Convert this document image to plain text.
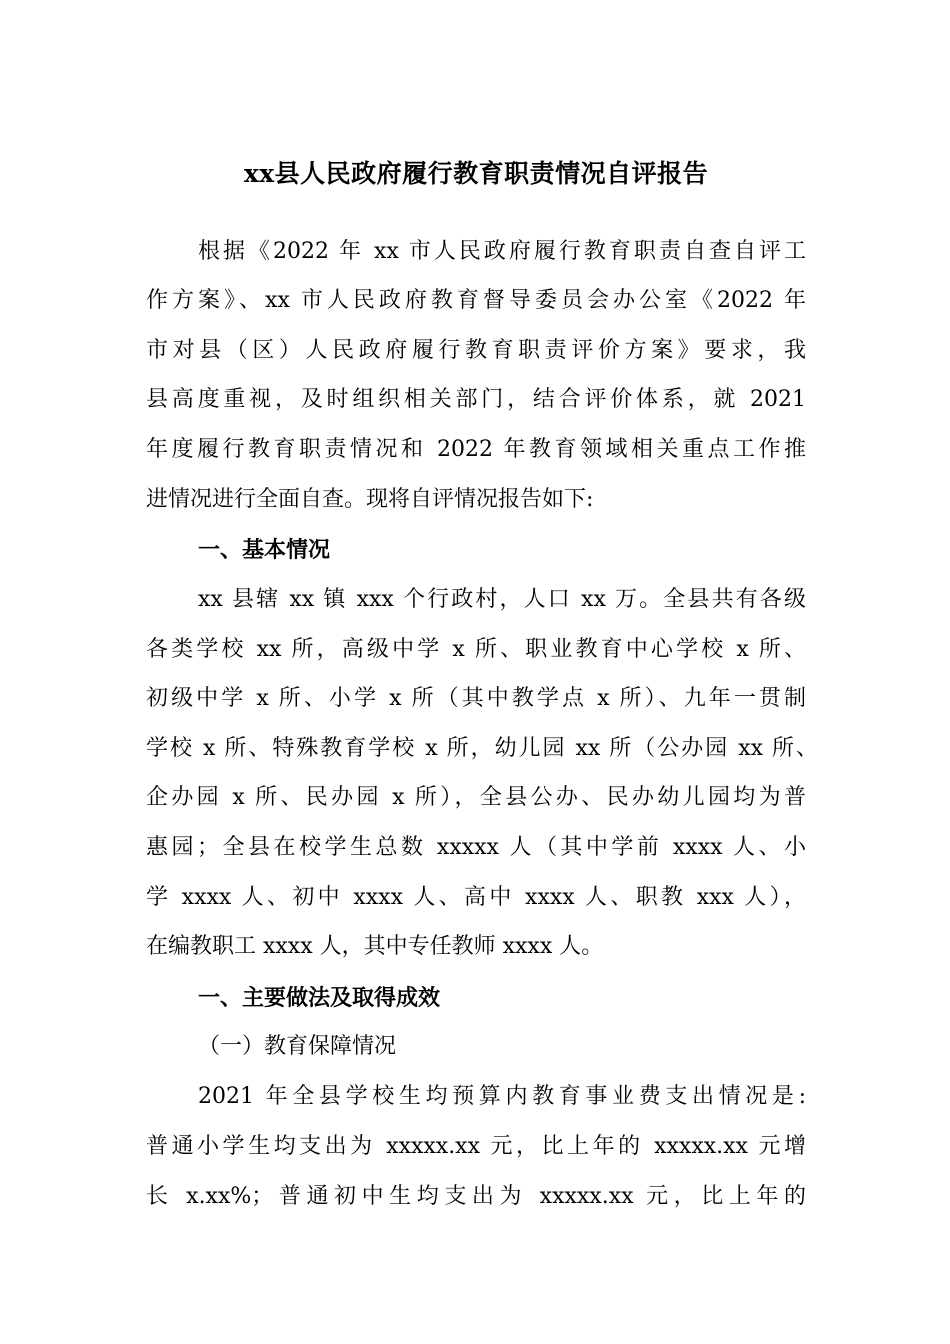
xx县人民政府履行教育职责情况自评报告
根据《2022 年 xx 市人民政府履行教育职责自查自评工
作方案》、xx 市人民政府教育督导委员会办公室《2022 年
市对县（区）人民政府履行教育职责评价方案》要求，我
县高度重视，及时组织相关部门，结合评价体系，就 2021
年度履行教育职责情况和 2022 年教育领域相关重点工作推
进情况进行全面自查。现将自评情况报告如下:
一、基本情况
xx 县辖 xx 镇 xxx 个行政村，人口 xx 万。全县共有各级
各类学校 xx 所，高级中学 x 所、职业教育中心学校 x 所、
初级中学 x 所、小学 x 所（其中教学点 x 所）、九年一贯制
学校 x 所、特殊教育学校 x 所，幼儿园 xx 所（公办园 xx 所、
企办园 x 所、民办园 x 所），全县公办、民办幼儿园均为普
惠园；全县在校学生总数 xxxxx 人（其中学前 xxxx 人、小
学 xxxx 人、初中 xxxx 人、高中 xxxx 人、职教 xxx 人），
在编教职工 xxxx 人，其中专任教师 xxxx 人。
一、主要做法及取得成效
（一）教育保障情况
2021 年全县学校生均预算内教育事业费支出情况是:
普通小学生均支出为 xxxxx.xx 元，比上年的 xxxxx.xx 元增
长 x.xx%；普通初中生均支出为 xxxxx.xx 元，比上年的
